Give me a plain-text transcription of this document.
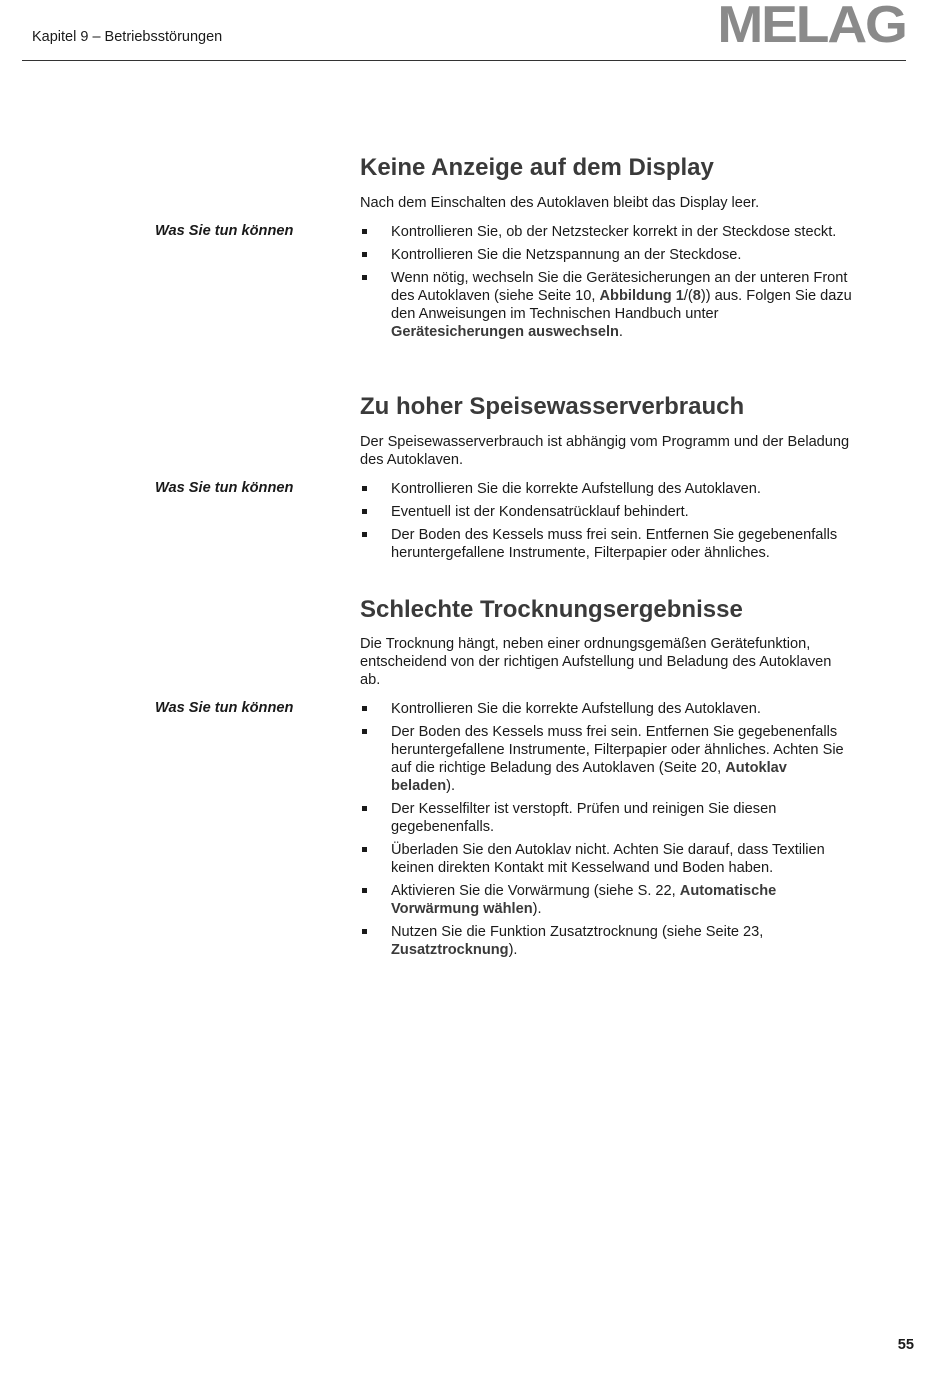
Kapitel 9 – Betriebsstörungen	MELAG
Keine Anzeige auf dem Display

Nach dem Einschalten des Autoklaven bleibt das Display leer.

Was Sie tun können	Kontrollieren Sie, ob der Netzstecker korrekt in der Steckdose steckt.
Kontrollieren Sie die Netzspannung an der Steckdose.
Wenn nötig, wechseln Sie die Gerätesicherungen an der unteren Front des Autoklaven (siehe Seite 10, Abbildung 1/(8)) aus. Folgen Sie dazu den Anweisungen im Technischen Handbuch unter Gerätesicherungen auswechseln.
Zu hoher Speisewasserverbrauch

Der Speisewasserverbrauch ist abhängig vom Programm und der Beladung des Autoklaven.

Was Sie tun können	Kontrollieren Sie die korrekte Aufstellung des Autoklaven.
Eventuell ist der Kondensatrücklauf behindert.
Der Boden des Kessels muss frei sein. Entfernen Sie gegebenenfalls heruntergefallene Instrumente, Filterpapier oder ähnliches.
Schlechte Trocknungsergebnisse

Die Trocknung hängt, neben einer ordnungsgemäßen Gerätefunktion, entscheidend von der richtigen Aufstellung und Beladung des Autoklaven ab.

Was Sie tun können	Kontrollieren Sie die korrekte Aufstellung des Autoklaven.
Der Boden des Kessels muss frei sein. Entfernen Sie gegebenenfalls heruntergefallene Instrumente, Filterpapier oder ähnliches. Achten Sie auf die richtige Beladung des Autoklaven (Seite 20, Autoklav beladen).
Der Kesselfilter ist verstopft. Prüfen und reinigen Sie diesen gegebenenfalls.
Überladen Sie den Autoklav nicht. Achten Sie darauf, dass Textilien keinen direkten Kontakt mit Kesselwand und Boden haben.
Aktivieren Sie die Vorwärmung (siehe S. 22, Automatische Vorwärmung wählen).
Nutzen Sie die Funktion Zusatztrocknung (siehe Seite 23, Zusatztrocknung).
55
